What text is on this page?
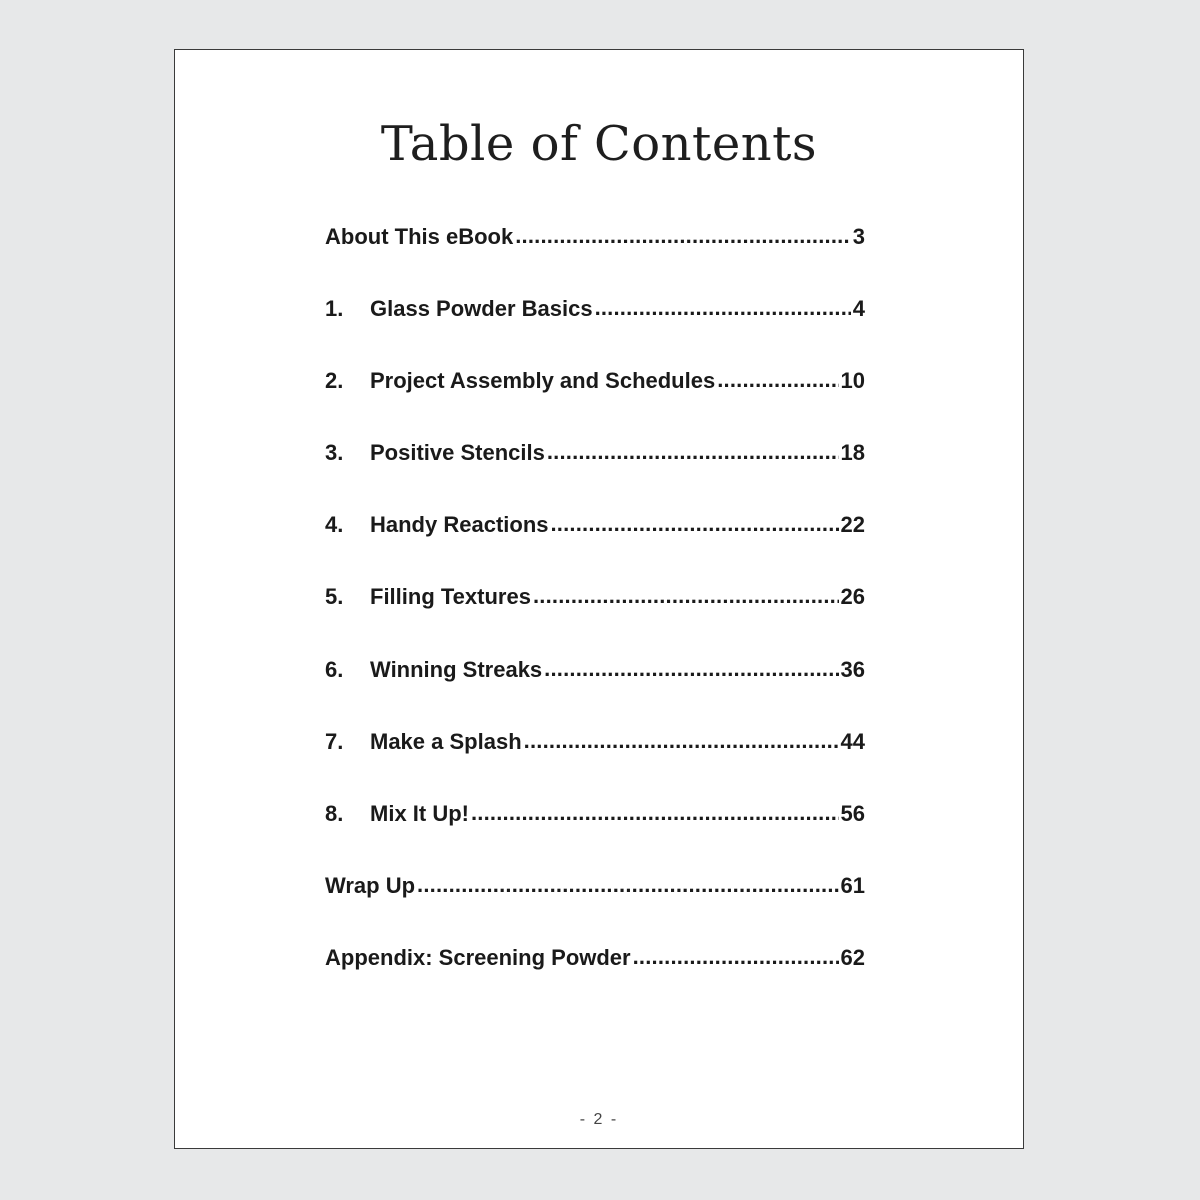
Table of Contents
About This eBook .....	3
1.	Glass Powder Basics .....	4
2.	Project Assembly and Schedules .....	10
3.	Positive Stencils .....	18
4.	Handy Reactions .....	22
5.	Filling Textures .....	26
6.	Winning Streaks .....	36
7.	Make a Splash .....	44
8.	Mix It Up! .....	56
Wrap Up .....	61
Appendix: Screening Powder .....	62
- 2 -
